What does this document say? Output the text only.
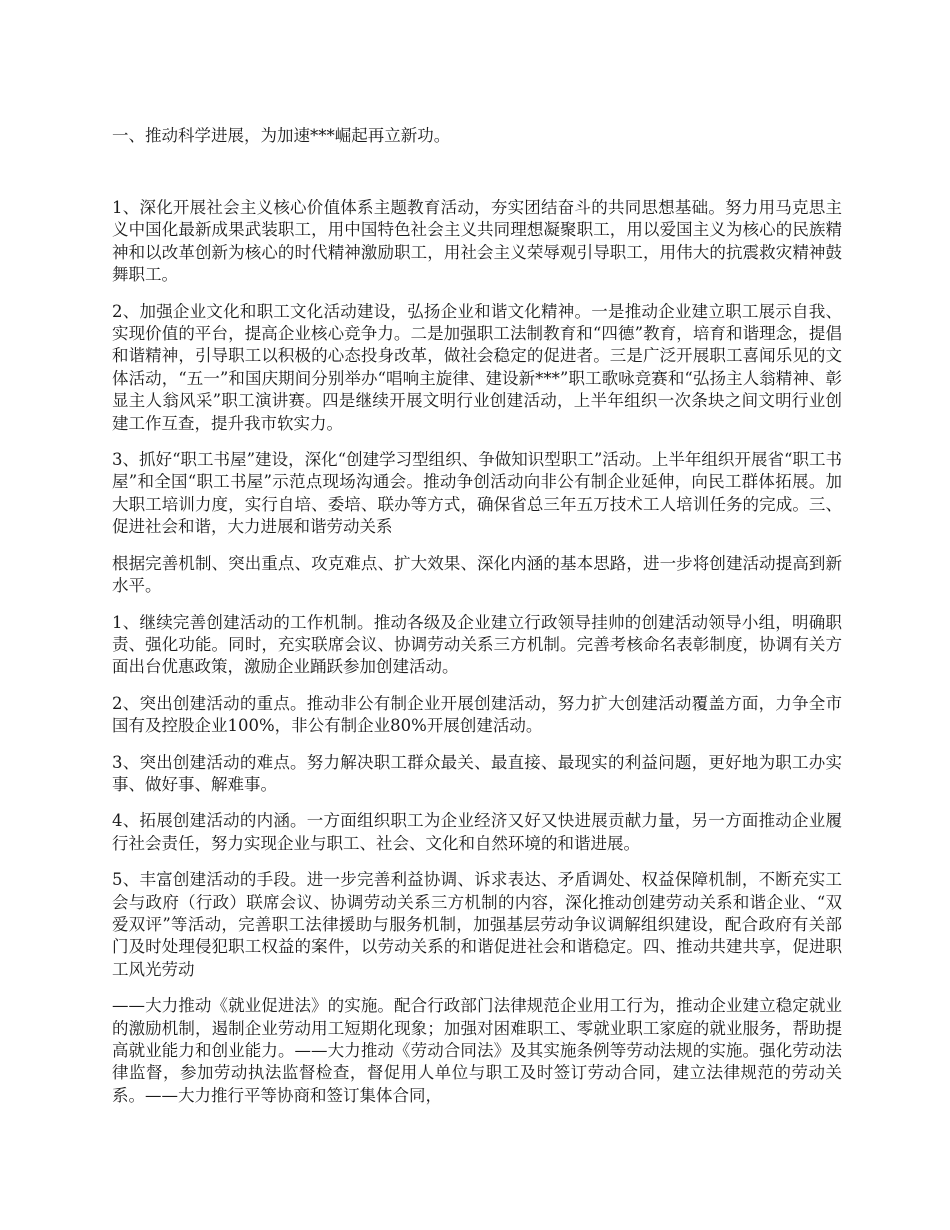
一、推动科学进展，为加速***崛起再立新功。

1、深化开展社会主义核心价值体系主题教育活动，夯实团结奋斗的共同思想基础。努力用马克思主义中国化最新成果武装职工，用中国特色社会主义共同理想凝聚职工，用以爱国主义为核心的民族精神和以改革创新为核心的时代精神激励职工，用社会主义荣辱观引导职工，用伟大的抗震救灾精神鼓舞职工。

2、加强企业文化和职工文化活动建设，弘扬企业和谐文化精神。一是推动企业建立职工展示自我、实现价值的平台，提高企业核心竞争力。二是加强职工法制教育和“四德”教育，培育和谐理念，提倡和谐精神，引导职工以积极的心态投身改革，做社会稳定的促进者。三是广泛开展职工喜闻乐见的文体活动，“五一”和国庆期间分别举办“唱响主旋律、建设新***”职工歌咏竞赛和“弘扬主人翁精神、彰显主人翁风采”职工演讲赛。四是继续开展文明行业创建活动，上半年组织一次条块之间文明行业创建工作互查，提升我市软实力。

3、抓好“职工书屋”建设，深化“创建学习型组织、争做知识型职工”活动。上半年组织开展省“职工书屋”和全国“职工书屋”示范点现场沟通会。推动争创活动向非公有制企业延伸，向民工群体拓展。加大职工培训力度，实行自培、委培、联办等方式，确保省总三年五万技术工人培训任务的完成。三、促进社会和谐，大力进展和谐劳动关系

根据完善机制、突出重点、攻克难点、扩大效果、深化内涵的基本思路，进一步将创建活动提高到新水平。

1、继续完善创建活动的工作机制。推动各级及企业建立行政领导挂帅的创建活动领导小组，明确职责、强化功能。同时，充实联席会议、协调劳动关系三方机制。完善考核命名表彰制度，协调有关方面出台优惠政策，激励企业踊跃参加创建活动。

2、突出创建活动的重点。推动非公有制企业开展创建活动，努力扩大创建活动覆盖方面，力争全市国有及控股企业100%，非公有制企业80%开展创建活动。

3、突出创建活动的难点。努力解决职工群众最关、最直接、最现实的利益问题，更好地为职工办实事、做好事、解难事。

4、拓展创建活动的内涵。一方面组织职工为企业经济又好又快进展贡献力量，另一方面推动企业履行社会责任，努力实现企业与职工、社会、文化和自然环境的和谐进展。

5、丰富创建活动的手段。进一步完善利益协调、诉求表达、矛盾调处、权益保障机制，不断充实工会与政府（行政）联席会议、协调劳动关系三方机制的内容，深化推动创建劳动关系和谐企业、“双爱双评”等活动，完善职工法律援助与服务机制，加强基层劳动争议调解组织建设，配合政府有关部门及时处理侵犯职工权益的案件，以劳动关系的和谐促进社会和谐稳定。四、推动共建共享，促进职工风光劳动

——大力推动《就业促进法》的实施。配合行政部门法律规范企业用工行为，推动企业建立稳定就业的激励机制，遏制企业劳动用工短期化现象；加强对困难职工、零就业职工家庭的就业服务，帮助提高就业能力和创业能力。——大力推动《劳动合同法》及其实施条例等劳动法规的实施。强化劳动法律监督，参加劳动执法监督检查，督促用人单位与职工及时签订劳动合同，建立法律规范的劳动关系。——大力推行平等协商和签订集体合同，
